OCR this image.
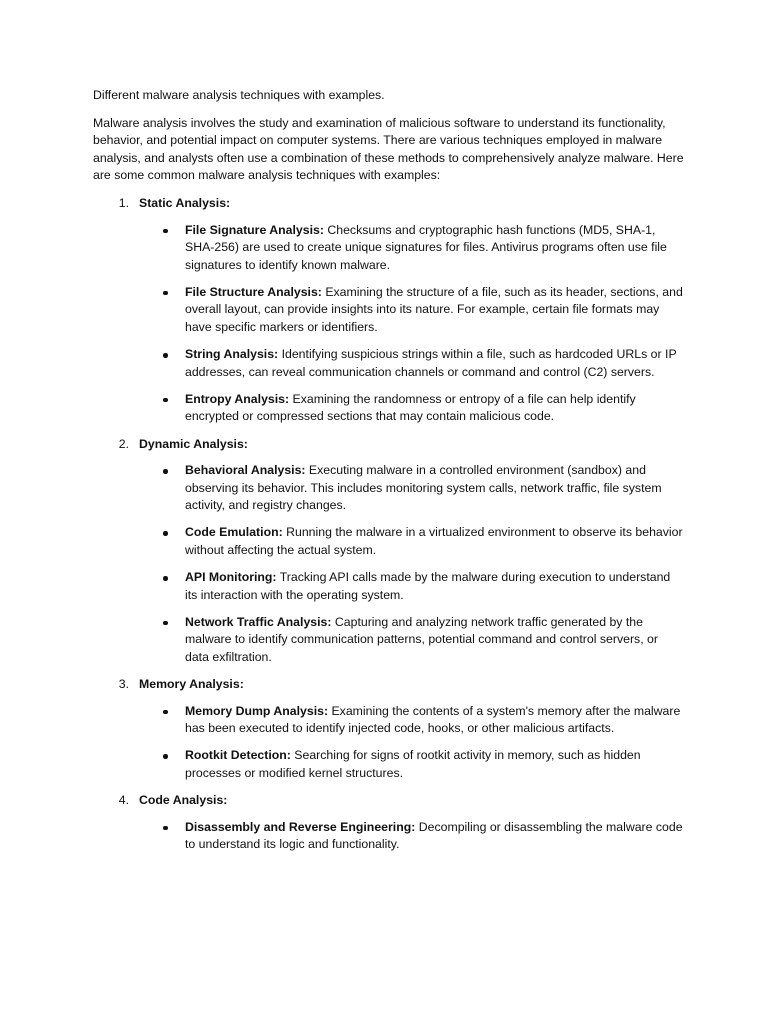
Different malware analysis techniques with examples.

Malware analysis involves the study and examination of malicious software to understand its functionality, behavior, and potential impact on computer systems. There are various techniques employed in malware analysis, and analysts often use a combination of these methods to comprehensively analyze malware. Here are some common malware analysis techniques with examples:

1. Static Analysis:
File Signature Analysis: Checksums and cryptographic hash functions (MD5, SHA-1, SHA-256) are used to create unique signatures for files. Antivirus programs often use file signatures to identify known malware.
File Structure Analysis: Examining the structure of a file, such as its header, sections, and overall layout, can provide insights into its nature. For example, certain file formats may have specific markers or identifiers.
String Analysis: Identifying suspicious strings within a file, such as hardcoded URLs or IP addresses, can reveal communication channels or command and control (C2) servers.
Entropy Analysis: Examining the randomness or entropy of a file can help identify encrypted or compressed sections that may contain malicious code.
2. Dynamic Analysis:
Behavioral Analysis: Executing malware in a controlled environment (sandbox) and observing its behavior. This includes monitoring system calls, network traffic, file system activity, and registry changes.
Code Emulation: Running the malware in a virtualized environment to observe its behavior without affecting the actual system.
API Monitoring: Tracking API calls made by the malware during execution to understand its interaction with the operating system.
Network Traffic Analysis: Capturing and analyzing network traffic generated by the malware to identify communication patterns, potential command and control servers, or data exfiltration.
3. Memory Analysis:
Memory Dump Analysis: Examining the contents of a system's memory after the malware has been executed to identify injected code, hooks, or other malicious artifacts.
Rootkit Detection: Searching for signs of rootkit activity in memory, such as hidden processes or modified kernel structures.
4. Code Analysis:
Disassembly and Reverse Engineering: Decompiling or disassembling the malware code to understand its logic and functionality.
